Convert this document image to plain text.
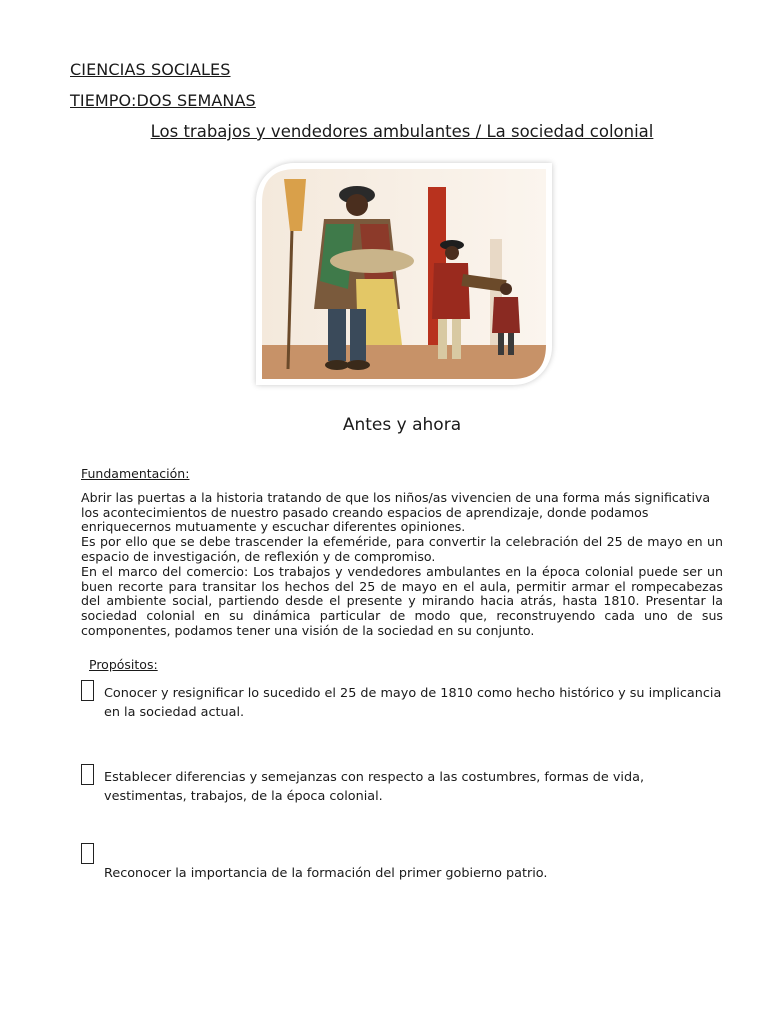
CIENCIAS SOCIALES
TIEMPO:DOS SEMANAS
Los trabajos y vendedores ambulantes / La sociedad colonial
Antes y ahora
Fundamentación:
Abrir las puertas a la historia tratando de que los niños/as vivencien de una forma más significativa los acontecimientos de nuestro pasado creando espacios de aprendizaje, donde podamos enriquecernos mutuamente y escuchar diferentes opiniones.
Es por ello que se debe trascender la efeméride, para convertir la celebración del 25 de mayo en un espacio de investigación, de reflexión y de compromiso.
En el marco del comercio: Los trabajos y vendedores ambulantes en la época colonial puede ser un buen recorte para transitar los hechos del 25 de mayo en el aula, permitir armar el rompecabezas del ambiente social, partiendo desde el presente y mirando hacia atrás, hasta 1810. Presentar la sociedad colonial en su dinámica particular de modo que, reconstruyendo cada uno de sus componentes, podamos tener una visión de la sociedad en su conjunto.
Propósitos:
Conocer y resignificar lo sucedido el 25 de mayo de 1810 como hecho histórico y su implicancia en la sociedad actual.
Establecer diferencias y semejanzas con respecto a las costumbres, formas de vida, vestimentas, trabajos, de la época colonial.
Reconocer la importancia de la formación del primer gobierno patrio.
